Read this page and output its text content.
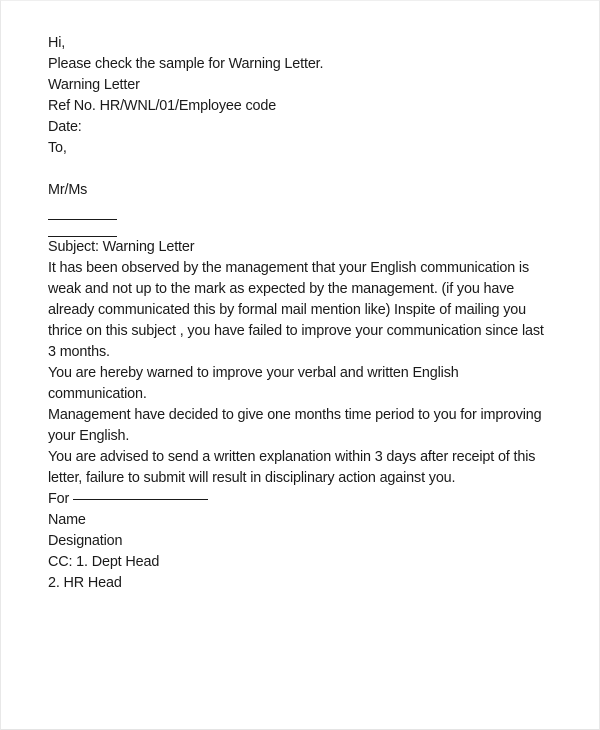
Hi,
Please check the sample for Warning Letter.
Warning Letter
Ref No. HR/WNL/01/Employee code
Date:
To,
Mr/Ms
Subject: Warning Letter
It has been observed by the management that your English communication is weak and not up to the mark as expected by the management. (if you have already communicated this by formal mail mention like) Inspite of mailing you thrice on this subject , you have failed to improve your communication since last 3 months.
You are hereby warned to improve your verbal and written English communication.
Management have decided to give one months time period to you for improving your English.
You are advised to send a written explanation within 3 days after receipt of this letter, failure to submit will result in disciplinary action against you.
For
Name
Designation
CC: 1. Dept Head
2. HR Head
